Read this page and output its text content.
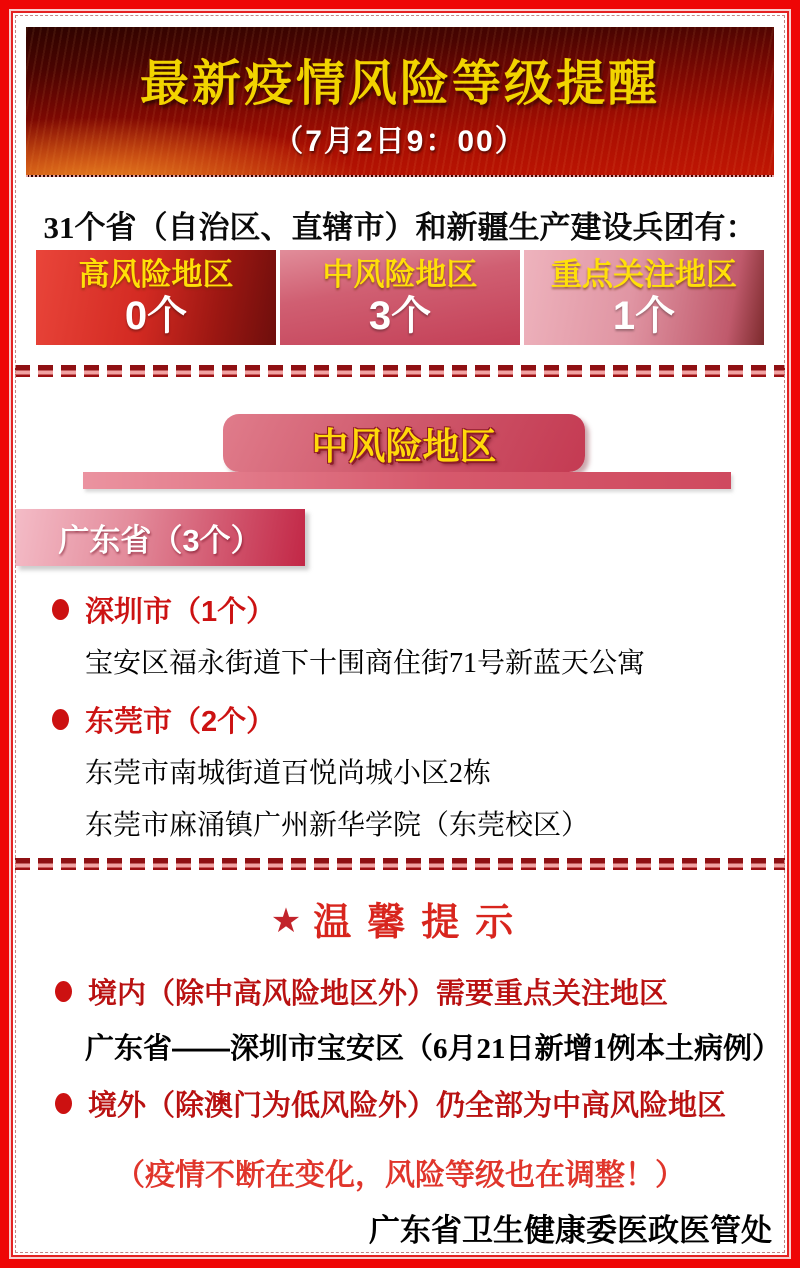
最新疫情风险等级提醒
（7月2日9：00）
31个省（自治区、直辖市）和新疆生产建设兵团有：
高风险地区
0个
中风险地区
3个
重点关注地区
1个
中风险地区
广东省（3个）
深圳市（1个）
宝安区福永街道下十围商住街71号新蓝天公寓
东莞市（2个）
东莞市南城街道百悦尚城小区2栋
东莞市麻涌镇广州新华学院（东莞校区）
★ 温馨提示
境内（除中高风险地区外）需要重点关注地区
广东省——深圳市宝安区（6月21日新增1例本土病例）
境外（除澳门为低风险外）仍全部为中高风险地区
（疫情不断在变化，风险等级也在调整！）
广东省卫生健康委医政医管处
